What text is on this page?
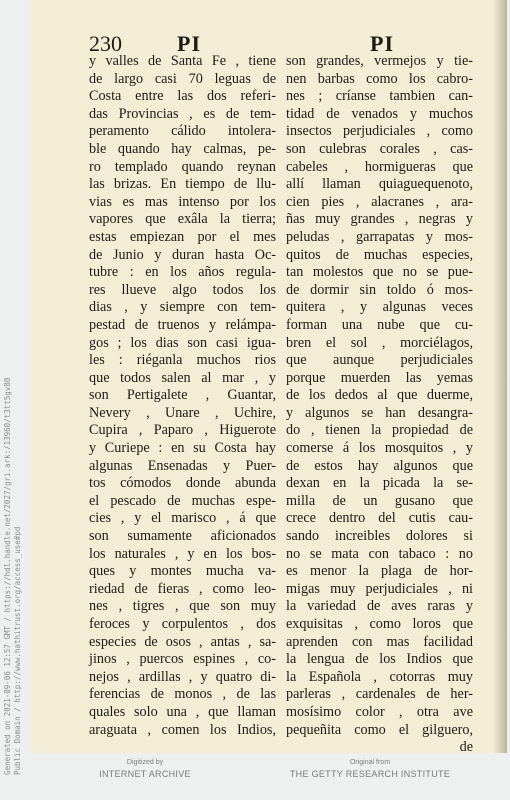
230	PI	PI
y valles de Santa Fe , tiene
de largo casi 70 leguas de
Costa entre las dos referi-
das Provincias , es de tem-
peramento cálido intolera-
ble quando hay calmas, pe-
ro templado quando reynan
las brizas. En tiempo de llu-
vias es mas intenso por los
vapores que exâla la tierra;
estas empiezan por el mes
de Junio y duran hasta Oc-
tubre : en los años regula-
res llueve algo todos los
dias , y siempre con tem-
pestad de truenos y relámpa-
gos ; los dias son casi igua-
les : riéganla muchos rios
que todos salen al mar , y
son Pertigalete , Guantar,
Nevery , Unare , Uchire,
Cupira , Paparo , Higuerote
y Curiepe : en su Costa hay
algunas Ensenadas y Puer-
tos cómodos donde abunda
el pescado de muchas espe-
cies , y el marisco , á que
son sumamente aficionados
los naturales , y en los bos-
ques y montes mucha va-
riedad de fieras , como leo-
nes , tigres , que son muy
feroces y corpulentos , dos
especies de osos , antas , sa-
jinos , puercos espines , co-
nejos , ardillas , y quatro di-
ferencias de monos , de las
quales solo una , que llaman
araguata , comen los Indios,
son grandes, vermejos y tie-
nen barbas como los cabro-
nes ; críanse tambien can-
tidad de venados y muchos
insectos perjudiciales , como
son culebras corales , cas-
cabeles , hormigueras que
allí llaman quiaguequenoto,
cien pies , alacranes , ara-
ñas muy grandes , negras y
peludas , garrapatas y mos-
quitos de muchas especies,
tan molestos que no se pue-
de dormir sin toldo ó mos-
quitera , y algunas veces
forman una nube que cu-
bren el sol , morciélagos,
que aunque perjudiciales
porque muerden las yemas
de los dedos al que duerme,
y algunos se han desangra-
do , tienen la propiedad de
comerse á los mosquitos , y
de estos hay algunos que
dexan en la picada la se-
milla de un gusano que
crece dentro del cutis cau-
sando increibles dolores si
no se mata con tabaco : no
es menor la plaga de hor-
migas muy perjudiciales , ni
la variedad de aves raras y
exquisitas , como loros que
aprenden con mas facilidad
la lengua de los Indios que
la Española , cotorras muy
parleras , cardenales de her-
mosísimo color , otra ave
pequeñita como el gilguero,
de
Generated on 2021-09-06 12:57 GMT / https://hdl.handle.net/2027/gri.ark:/13960/t3tt5gv80 Public Domain / http://www.hathitrust.org/access_use#pd	Digitized by
INTERNET ARCHIVE
Original from
THE GETTY RESEARCH INSTITUTE
